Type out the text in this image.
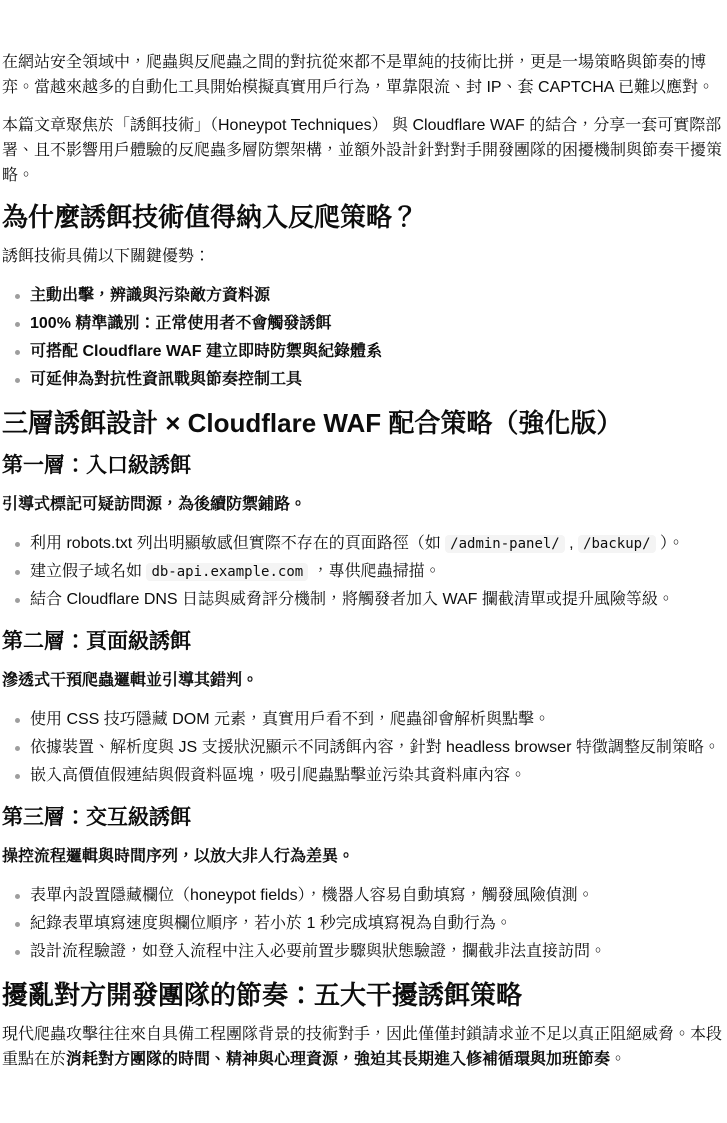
在網站安全領域中，爬蟲與反爬蟲之間的對抗從來都不是單純的技術比拼，更是一場策略與節奏的博弈。當越來越多的自動化工具開始模擬真實用戶行為，單靠限流、封 IP、套 CAPTCHA 已難以應對。

本篇文章聚焦於「誘餌技術」（Honeypot Techniques） 與 Cloudflare WAF 的結合，分享一套可實際部署、且不影響用戶體驗的反爬蟲多層防禦架構，並額外設計針對對手開發團隊的困擾機制與節奏干擾策略。

為什麼誘餌技術值得納入反爬策略？

誘餌技術具備以下關鍵優勢：

主動出擊，辨識與污染敵方資料源
100% 精準識別：正常使用者不會觸發誘餌
可搭配 Cloudflare WAF 建立即時防禦與紀錄體系
可延伸為對抗性資訊戰與節奏控制工具
三層誘餌設計 × Cloudflare WAF 配合策略（強化版）
第一層：入口級誘餌

引導式標記可疑訪問源，為後續防禦鋪路。

利用 robots.txt 列出明顯敏感但實際不存在的頁面路徑（如 /admin-panel/ , /backup/ ）。
建立假子域名如 db-api.example.com ，專供爬蟲掃描。
結合 Cloudflare DNS 日誌與威脅評分機制，將觸發者加入 WAF 攔截清單或提升風險等級。
第二層：頁面級誘餌

滲透式干預爬蟲邏輯並引導其錯判。

使用 CSS 技巧隱藏 DOM 元素，真實用戶看不到，爬蟲卻會解析與點擊。
依據裝置、解析度與 JS 支援狀況顯示不同誘餌內容，針對 headless browser 特徵調整反制策略。
嵌入高價值假連結與假資料區塊，吸引爬蟲點擊並污染其資料庫內容。
第三層：交互級誘餌

操控流程邏輯與時間序列，以放大非人行為差異。

表單內設置隱藏欄位（honeypot fields），機器人容易自動填寫，觸發風險偵測。
紀錄表單填寫速度與欄位順序，若小於 1 秒完成填寫視為自動行為。
設計流程驗證，如登入流程中注入必要前置步驟與狀態驗證，攔截非法直接訪問。
擾亂對方開發團隊的節奏：五大干擾誘餌策略

現代爬蟲攻擊往往來自具備工程團隊背景的技術對手，因此僅僅封鎖請求並不足以真正阻絕威脅。本段重點在於消耗對方團隊的時間、精神與心理資源，強迫其長期進入修補循環與加班節奏。
